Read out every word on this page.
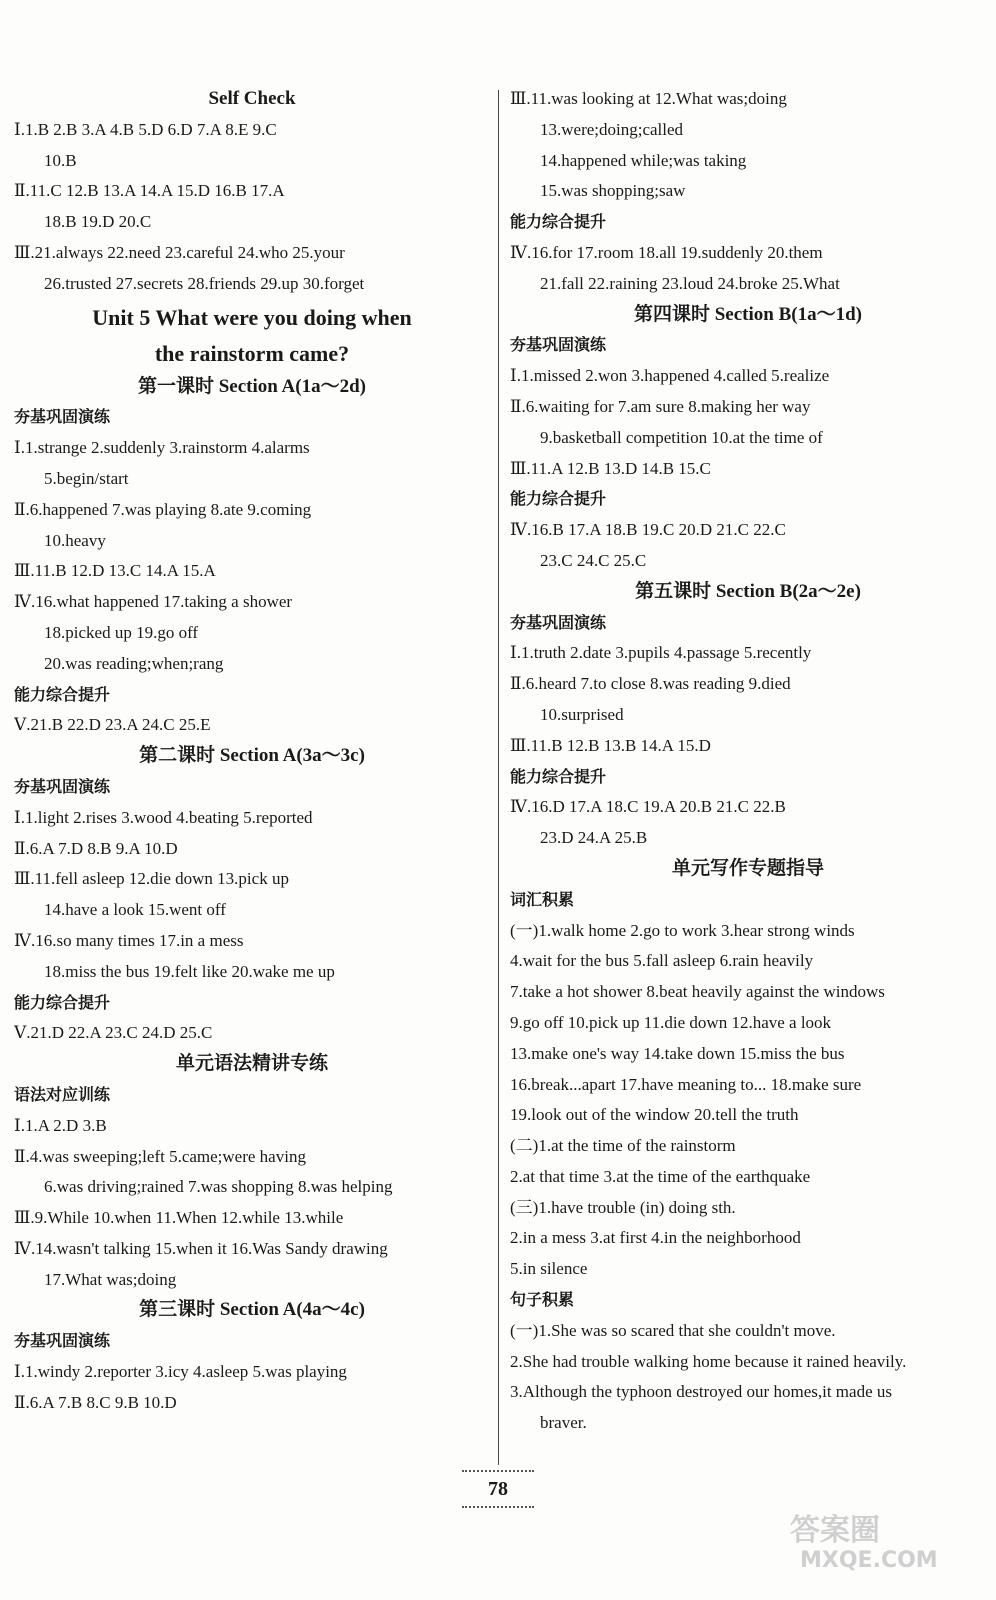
Self Check
Ⅰ.1.B 2.B 3.A 4.B 5.D 6.D 7.A 8.E 9.C
10.B
Ⅱ.11.C 12.B 13.A 14.A 15.D 16.B 17.A
18.B 19.D 20.C
Ⅲ.21.always 22.need 23.careful 24.who 25.your
26.trusted 27.secrets 28.friends 29.up 30.forget
Unit 5 What were you doing when
the rainstorm came?
第一课时 Section A(1a～2d)
夯基巩固演练
Ⅰ.1.strange 2.suddenly 3.rainstorm 4.alarms
5.begin/start
Ⅱ.6.happened 7.was playing 8.ate 9.coming
10.heavy
Ⅲ.11.B 12.D 13.C 14.A 15.A
Ⅳ.16.what happened 17.taking a shower
18.picked up 19.go off
20.was reading;when;rang
能力综合提升
Ⅴ.21.B 22.D 23.A 24.C 25.E
第二课时 Section A(3a～3c)
夯基巩固演练
Ⅰ.1.light 2.rises 3.wood 4.beating 5.reported
Ⅱ.6.A 7.D 8.B 9.A 10.D
Ⅲ.11.fell asleep 12.die down 13.pick up
14.have a look 15.went off
Ⅳ.16.so many times 17.in a mess
18.miss the bus 19.felt like 20.wake me up
能力综合提升
Ⅴ.21.D 22.A 23.C 24.D 25.C
单元语法精讲专练
语法对应训练
Ⅰ.1.A 2.D 3.B
Ⅱ.4.was sweeping;left 5.came;were having
6.was driving;rained 7.was shopping 8.was helping
Ⅲ.9.While 10.when 11.When 12.while 13.while
Ⅳ.14.wasn't talking 15.when it 16.Was Sandy drawing
17.What was;doing
第三课时 Section A(4a～4c)
夯基巩固演练
Ⅰ.1.windy 2.reporter 3.icy 4.asleep 5.was playing
Ⅱ.6.A 7.B 8.C 9.B 10.D
Ⅲ.11.was looking at 12.What was;doing
13.were;doing;called
14.happened while;was taking
15.was shopping;saw
能力综合提升
Ⅳ.16.for 17.room 18.all 19.suddenly 20.them
21.fall 22.raining 23.loud 24.broke 25.What
第四课时 Section B(1a～1d)
夯基巩固演练
Ⅰ.1.missed 2.won 3.happened 4.called 5.realize
Ⅱ.6.waiting for 7.am sure 8.making her way
9.basketball competition 10.at the time of
Ⅲ.11.A 12.B 13.D 14.B 15.C
能力综合提升
Ⅳ.16.B 17.A 18.B 19.C 20.D 21.C 22.C
23.C 24.C 25.C
第五课时 Section B(2a～2e)
夯基巩固演练
Ⅰ.1.truth 2.date 3.pupils 4.passage 5.recently
Ⅱ.6.heard 7.to close 8.was reading 9.died
10.surprised
Ⅲ.11.B 12.B 13.B 14.A 15.D
能力综合提升
Ⅳ.16.D 17.A 18.C 19.A 20.B 21.C 22.B
23.D 24.A 25.B
单元写作专题指导
词汇积累
(一)1.walk home 2.go to work 3.hear strong winds
4.wait for the bus 5.fall asleep 6.rain heavily
7.take a hot shower 8.beat heavily against the windows
9.go off 10.pick up 11.die down 12.have a look
13.make one's way 14.take down 15.miss the bus
16.break...apart 17.have meaning to... 18.make sure
19.look out of the window 20.tell the truth
(二)1.at the time of the rainstorm
2.at that time 3.at the time of the earthquake
(三)1.have trouble (in) doing sth.
2.in a mess 3.at first 4.in the neighborhood
5.in silence
句子积累
(一)1.She was so scared that she couldn't move.
2.She had trouble walking home because it rained heavily.
3.Although the typhoon destroyed our homes,it made us
braver.
78
答案圈
MXQE.COM
